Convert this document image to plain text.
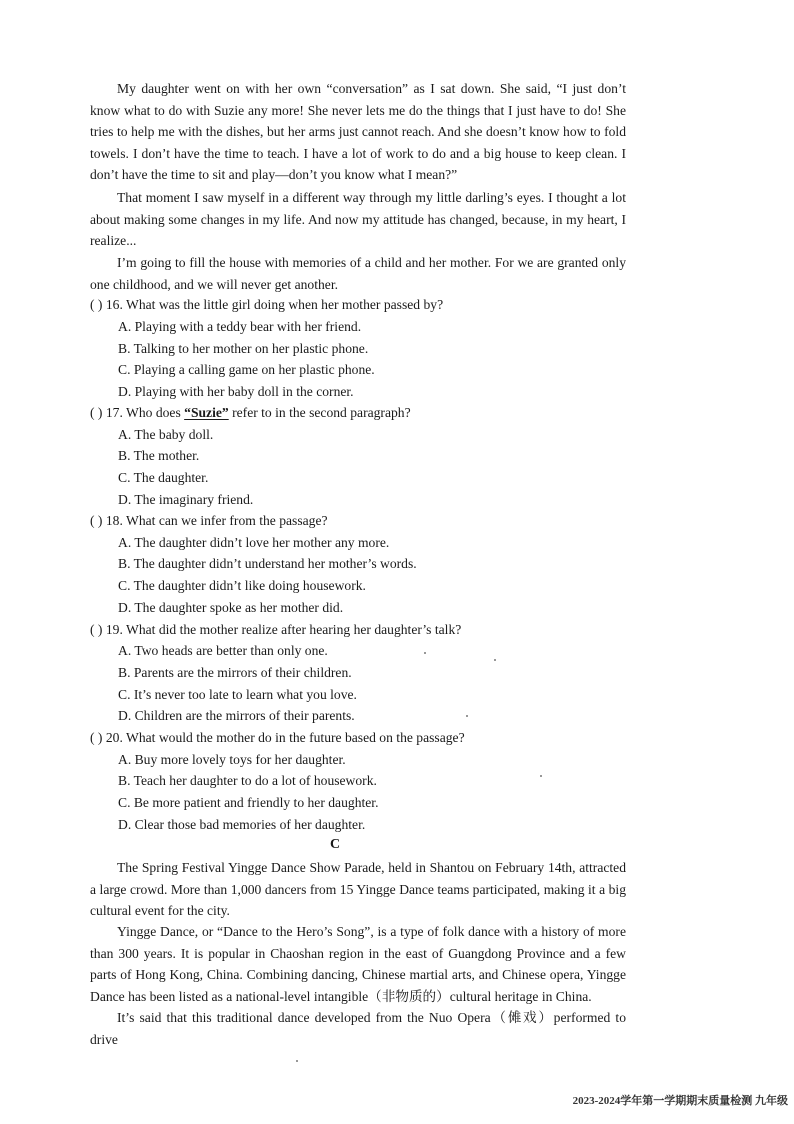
My daughter went on with her own “conversation” as I sat down. She said, “I just don’t know what to do with Suzie any more! She never lets me do the things that I just have to do! She tries to help me with the dishes, but her arms just cannot reach. And she doesn’t know how to fold towels. I don’t have the time to teach. I have a lot of work to do and a big house to keep clean. I don’t have the time to sit and play—don’t you know what I mean?”

That moment I saw myself in a different way through my little darling’s eyes. I thought a lot about making some changes in my life. And now my attitude has changed, because, in my heart, I realize...

I’m going to fill the house with memories of a child and her mother. For we are granted only one childhood, and we will never get another.

( ) 16. What was the little girl doing when her mother passed by?
A. Playing with a teddy bear with her friend.
B. Talking to her mother on her plastic phone.
C. Playing a calling game on her plastic phone.
D. Playing with her baby doll in the corner.
( ) 17. Who does “Suzie” refer to in the second paragraph?
A. The baby doll.
B. The mother.
C. The daughter.
D. The imaginary friend.
( ) 18. What can we infer from the passage?
A. The daughter didn’t love her mother any more.
B. The daughter didn’t understand her mother’s words.
C. The daughter didn’t like doing housework.
D. The daughter spoke as her mother did.
( ) 19. What did the mother realize after hearing her daughter’s talk?
A. Two heads are better than only one.
B. Parents are the mirrors of their children.
C. It’s never too late to learn what you love.
D. Children are the mirrors of their parents.
( ) 20. What would the mother do in the future based on the passage?
A. Buy more lovely toys for her daughter.
B. Teach her daughter to do a lot of housework.
C. Be more patient and friendly to her daughter.
D. Clear those bad memories of her daughter.
C

The Spring Festival Yingge Dance Show Parade, held in Shantou on February 14th, attracted a large crowd. More than 1,000 dancers from 15 Yingge Dance teams participated, making it a big cultural event for the city.

Yingge Dance, or “Dance to the Hero’s Song”, is a type of folk dance with a history of more than 300 years. It is popular in Chaoshan region in the east of Guangdong Province and a few parts of Hong Kong, China. Combining dancing, Chinese martial arts, and Chinese opera, Yingge Dance has been listed as a national-level intangible（非物质的）cultural heritage in China.

It’s said that this traditional dance developed from the Nuo Opera（傩戏）performed to drive

2023-2024学年第一学期期末质量检测 九年级
